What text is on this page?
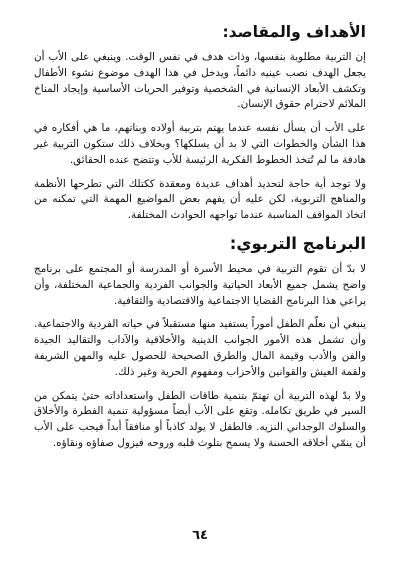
الأهداف والمقاصد:

إن التربية مطلوبة بنفسها، وذات هدف في نفس الوقت. وينبغي على الأب أن يجعل الهدف نصب عينيه دائماً، ويدخل في هذا الهدف موضوع نشوء الأطفال وتكشف الأبعاد الإنسانية في الشخصية وتوفير الحريات الأساسية وإيجاد المناخ الملائم لاحترام حقوق الإنسان.

على الأب أن يسأل نفسه عندما يهتم بتربية أولاده وبناتهم، ما هي أفكاره في هذا الشأن والخطوات التي لا بد أن يسلكها؟ وبخلاف ذلك ستكون التربية غير هادفة ما لم تُتخذ الخطوط الفكرية الرئيسة للأب وتتضح عنده الحقائق.

ولا توجد أية حاجة لتحديد أهداف عديدة ومعقدة ككتلك التي تطرحها الأنظمة والمناهج التربوية، لكن عليه أن يفهم بعض المواضيع المهمة التي تمكنه من اتخاذ المواقف المناسبة عندما تواجهه الحوادث المختلفة.

البرنامج التربوي:

لا بدّ أن تقوم التربية في محيط الأسرة أو المدرسة أو المجتمع على برنامج واضح يشمل جميع الأبعاد الحياتية والجوانب الفردية والجماعية المختلفة، وأن يراعي هذا البرنامج القضايا الاجتماعية والاقتصادية والثقافية.

ينبغي أن نعلّم الطفل أموراً يستفيد منها مستقبلاً في حياته الفردية والاجتماعية. وأن تشمل هذه الأمور الجوانب الدينية والأخلاقية والآداب والتقاليد الجيدة والفن والأدب وقيمة المال والطرق الصحيحة للحصول عليه والمهن الشريفة ولقمة العيش والقوانين والأحزاب ومفهوم الحرية وغير ذلك.

ولا بدّ لهذه التربية أن تهتمّ بتنمية طاقات الطفل واستعداداته حتىٰ يتمكن من السير في طريق تكامله. وتقع على الأب أيضاً مسؤولية تنمية الفطرة والأخلاق والسلوك الوجداني النزيه. فالطفل لا يولد كاذباً أو منافقاً أبداً فيجب على الأب أن ينمّي أخلاقه الحسنة ولا يسمح بتلوث قلبه وروحه فيزول صفاؤه ونقاؤه.

٦٤
